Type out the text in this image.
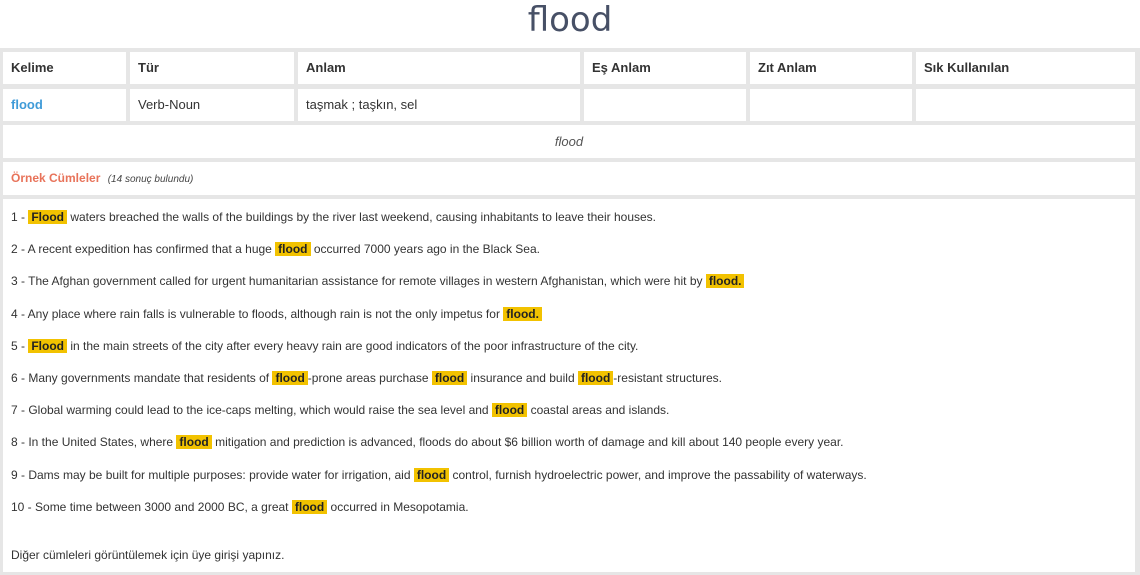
flood
Kelime	Tür	Anlam	Eş Anlam	Zıt Anlam	Sık Kullanılan
flood	Verb-Noun	taşmak ; taşkın, sel
flood
Örnek Cümleler (14 sonuç bulundu)
Diğer cümleleri görüntülemek için üye girişi yapınız.
1 - Flood waters breached the walls of the buildings by the river last weekend, causing inhabitants to leave their houses.
2 - A recent expedition has confirmed that a huge flood occurred 7000 years ago in the Black Sea.
3 - The Afghan government called for urgent humanitarian assistance for remote villages in western Afghanistan, which were hit by flood.
4 - Any place where rain falls is vulnerable to floods, although rain is not the only impetus for flood.
5 - Flood in the main streets of the city after every heavy rain are good indicators of the poor infrastructure of the city.
6 - Many governments mandate that residents of flood -prone areas purchase flood insurance and build flood -resistant structures.
7 - Global warming could lead to the ice-caps melting, which would raise the sea level and flood coastal areas and islands.
8 - In the United States, where flood mitigation and prediction is advanced, floods do about $6 billion worth of damage and kill about 140 people every year.
9 - Dams may be built for multiple purposes: provide water for irrigation, aid flood control, furnish hydroelectric power, and improve the passability of waterways.
10 - Some time between 3000 and 2000 BC, a great flood occurred in Mesopotamia.
